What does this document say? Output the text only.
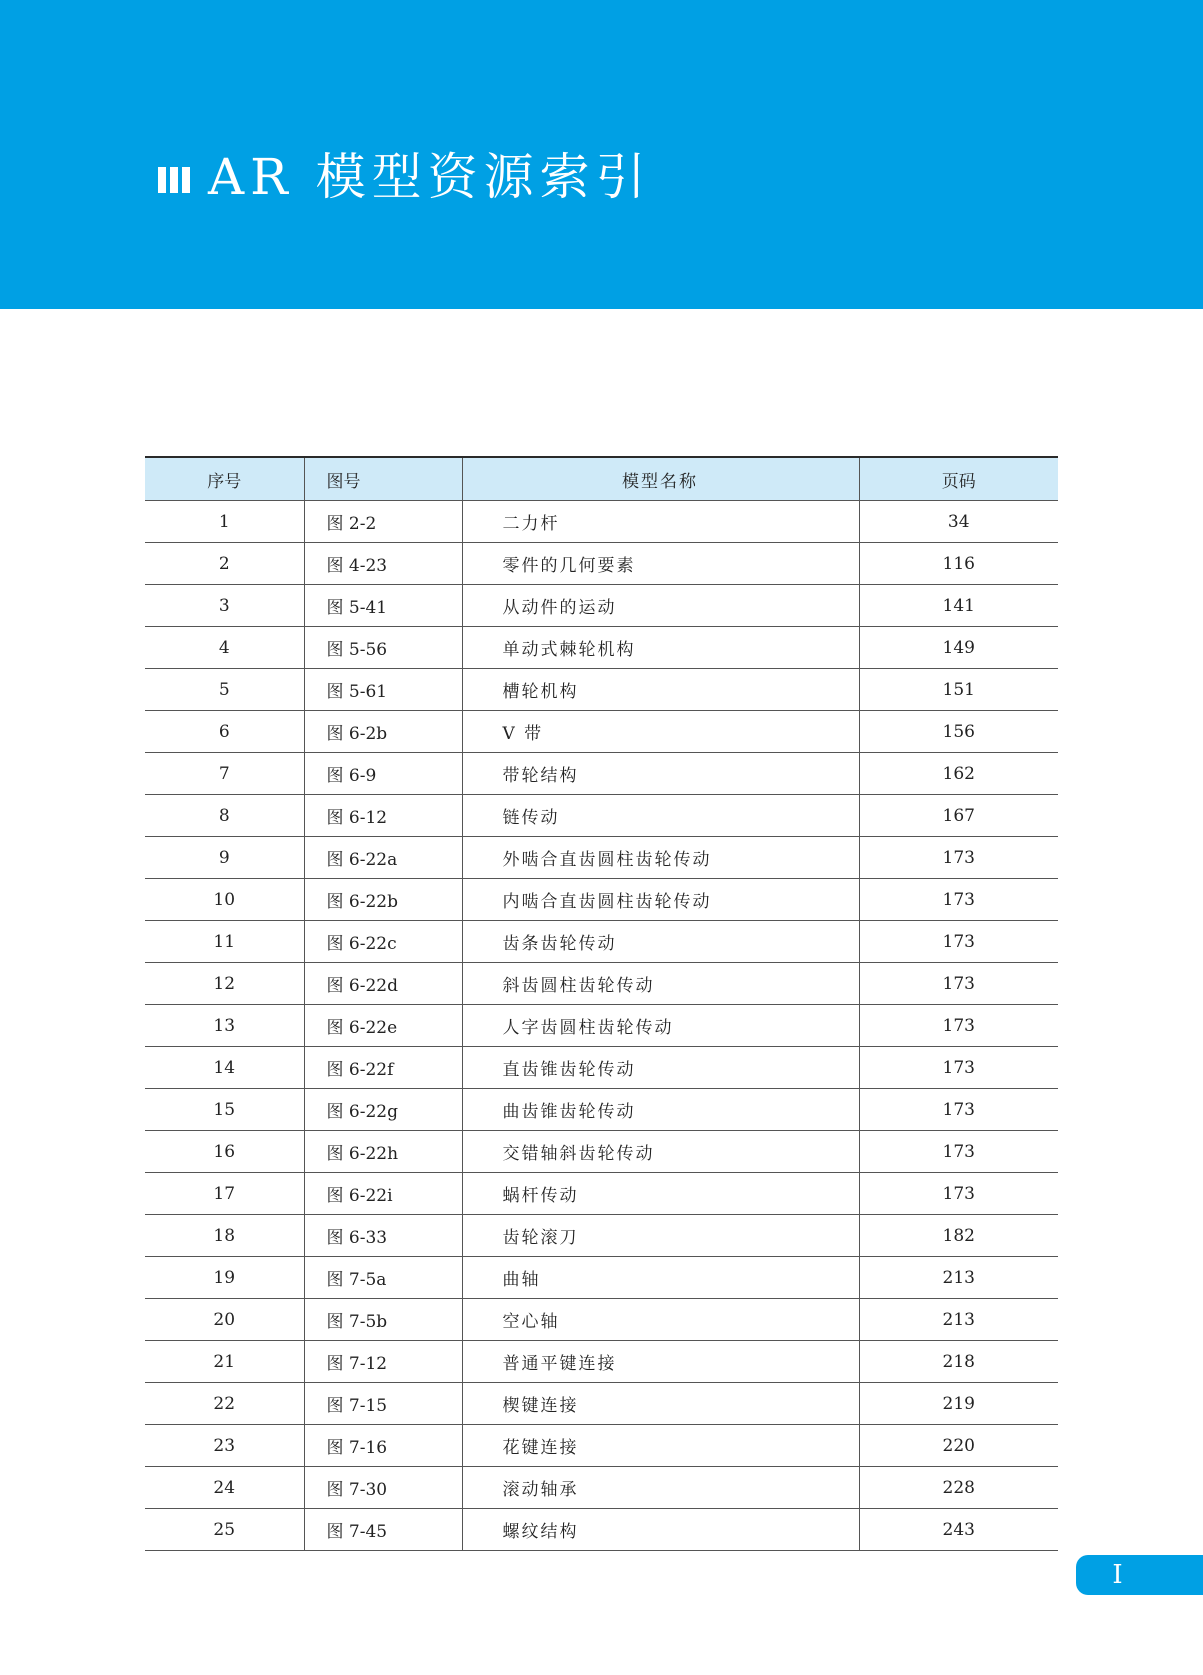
AR 模型资源索引
序号	图号	模型名称	页码
1	图 2-2	二力杆	34
2	图 4-23	零件的几何要素	116
3	图 5-41	从动件的运动	141
4	图 5-56	单动式棘轮机构	149
5	图 5-61	槽轮机构	151
6	图 6-2b	V 带	156
7	图 6-9	带轮结构	162
8	图 6-12	链传动	167
9	图 6-22a	外啮合直齿圆柱齿轮传动	173
10	图 6-22b	内啮合直齿圆柱齿轮传动	173
11	图 6-22c	齿条齿轮传动	173
12	图 6-22d	斜齿圆柱齿轮传动	173
13	图 6-22e	人字齿圆柱齿轮传动	173
14	图 6-22f	直齿锥齿轮传动	173
15	图 6-22g	曲齿锥齿轮传动	173
16	图 6-22h	交错轴斜齿轮传动	173
17	图 6-22i	蜗杆传动	173
18	图 6-33	齿轮滚刀	182
19	图 7-5a	曲轴	213
20	图 7-5b	空心轴	213
21	图 7-12	普通平键连接	218
22	图 7-15	楔键连接	219
23	图 7-16	花键连接	220
24	图 7-30	滚动轴承	228
25	图 7-45	螺纹结构	243
I
